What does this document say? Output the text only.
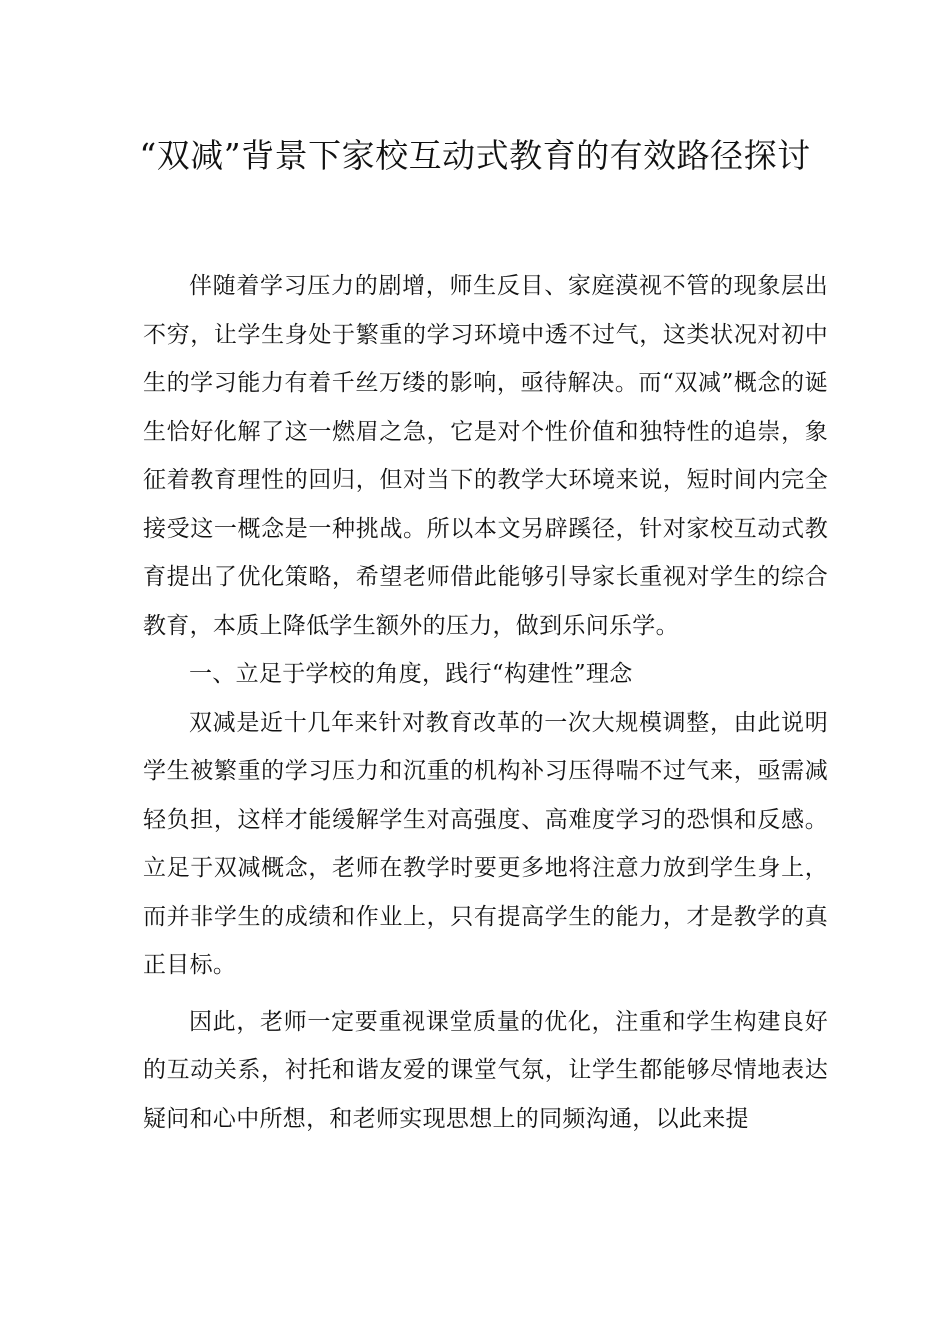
“双减”背景下家校互动式教育的有效路径探讨

伴随着学习压力的剧增，师生反目、家庭漠视不管的现象层出不穷，让学生身处于繁重的学习环境中透不过气，这类状况对初中生的学习能力有着千丝万缕的影响，亟待解决。而“双减”概念的诞生恰好化解了这一燃眉之急，它是对个性价值和独特性的追崇，象征着教育理性的回归，但对当下的教学大环境来说，短时间内完全接受这一概念是一种挑战。所以本文另辟蹊径，针对家校互动式教育提出了优化策略，希望老师借此能够引导家长重视对学生的综合教育，本质上降低学生额外的压力，做到乐问乐学。

一、立足于学校的角度，践行“构建性”理念

双减是近十几年来针对教育改革的一次大规模调整，由此说明学生被繁重的学习压力和沉重的机构补习压得喘不过气来，亟需减轻负担，这样才能缓解学生对高强度、高难度学习的恐惧和反感。立足于双减概念，老师在教学时要更多地将注意力放到学生身上，而并非学生的成绩和作业上，只有提高学生的能力，才是教学的真正目标。

因此，老师一定要重视课堂质量的优化，注重和学生构建良好的互动关系，衬托和谐友爱的课堂气氛，让学生都能够尽情地表达疑问和心中所想，和老师实现思想上的同频沟通，以此来提
